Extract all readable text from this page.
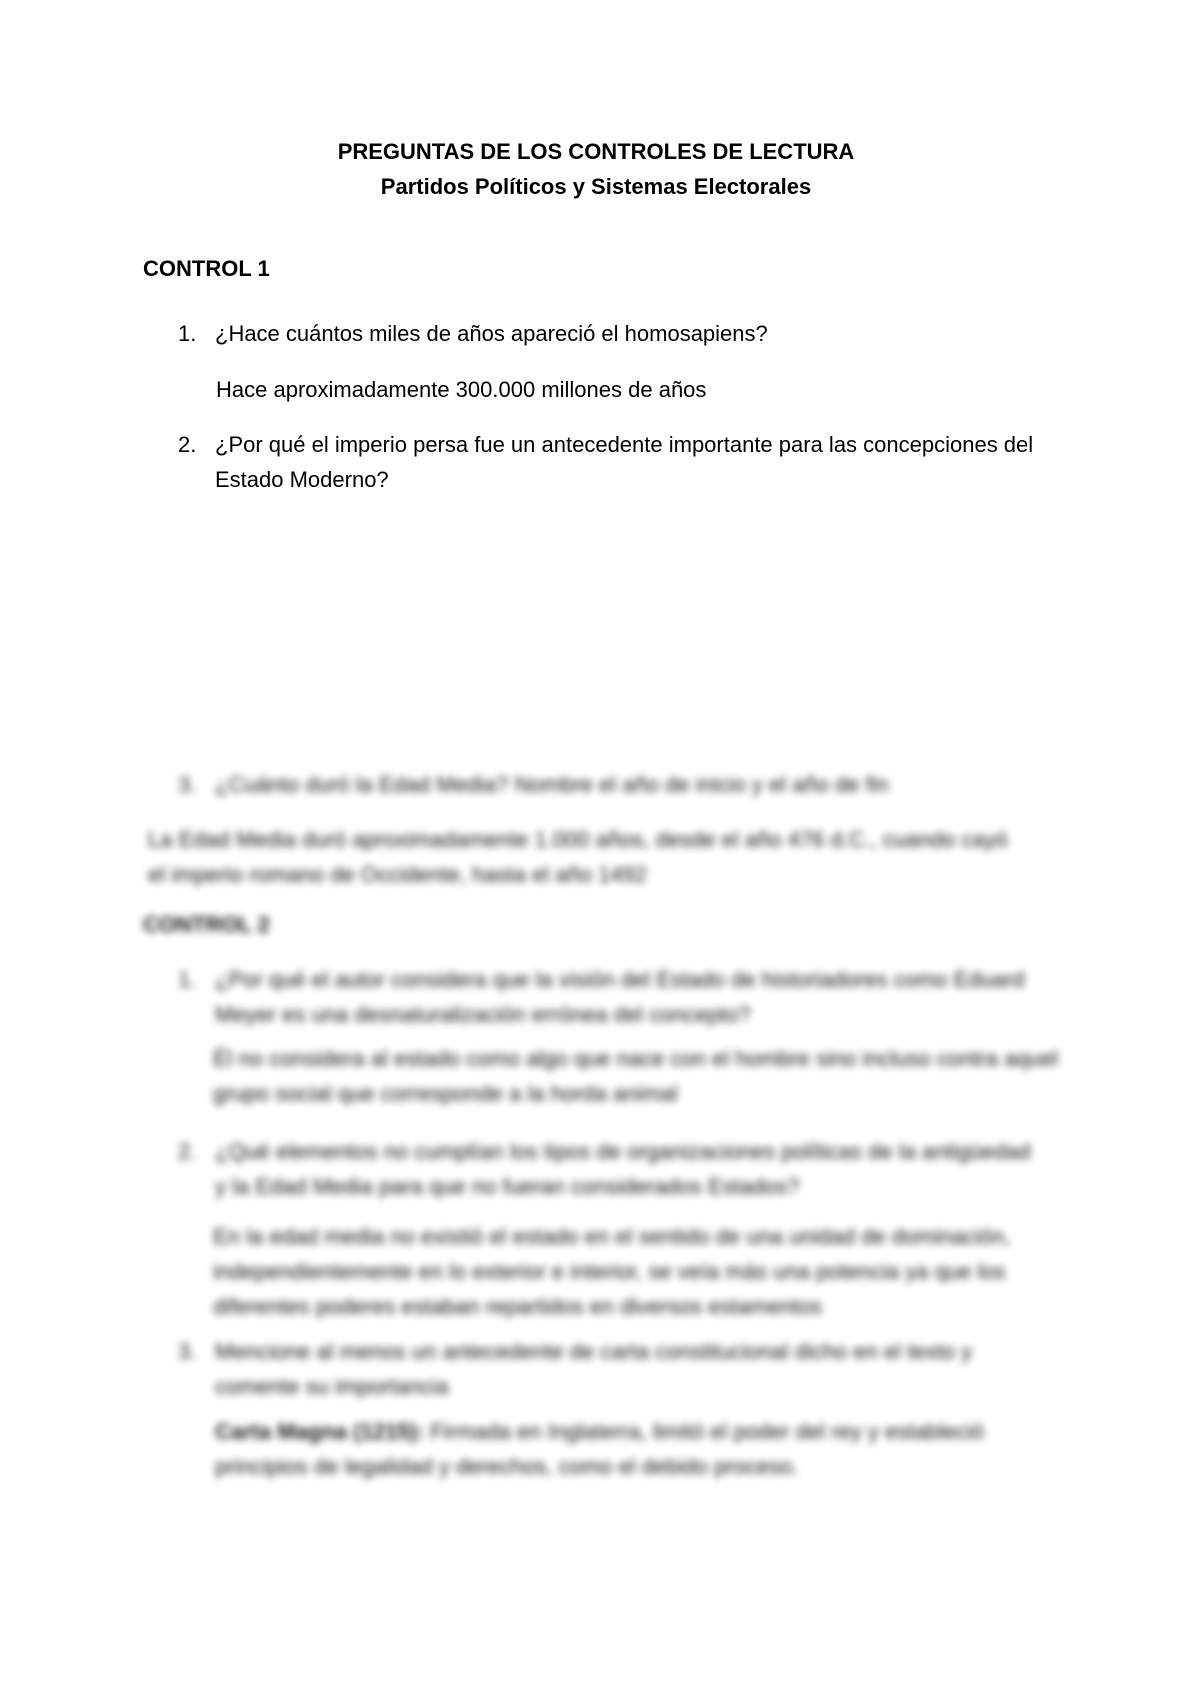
PREGUNTAS DE LOS CONTROLES DE LECTURA
Partidos Políticos y Sistemas Electorales
CONTROL 1
1. ¿Hace cuántos miles de años apareció el homosapiens?
Hace aproximadamente 300.000 millones de años
2. ¿Por qué el imperio persa fue un antecedente importante para las concepciones del
Estado Moderno?
3. ¿Cuánto duró la Edad Media? Nombre el año de inicio y el año de fin
La Edad Media duró aproximadamente 1.000 años, desde el año 476 d.C., cuando cayó
el imperio romano de Occidente, hasta el año 1492
CONTROL 2
1. ¿Por qué el autor considera que la visión del Estado de historiadores como Eduard
Meyer es una desnaturalización errónea del concepto?
Él no considera al estado como algo que nace con el hombre sino incluso contra aquel
grupo social que corresponde a la horda animal
2. ¿Qué elementos no cumplían los tipos de organizaciones políticas de la antigüedad
y la Edad Media para que no fueran considerados Estados?
En la edad media no existió el estado en el sentido de una unidad de dominación,
independientemente en lo exterior e interior, se veía más una potencia ya que los
diferentes poderes estaban repartidos en diversos estamentos
3. Mencione al menos un antecedente de carta constitucional dicho en el texto y
comente su importancia
Carta Magna (1215): Firmada en Inglaterra, limitó el poder del rey y estableció
principios de legalidad y derechos, como el debido proceso.
